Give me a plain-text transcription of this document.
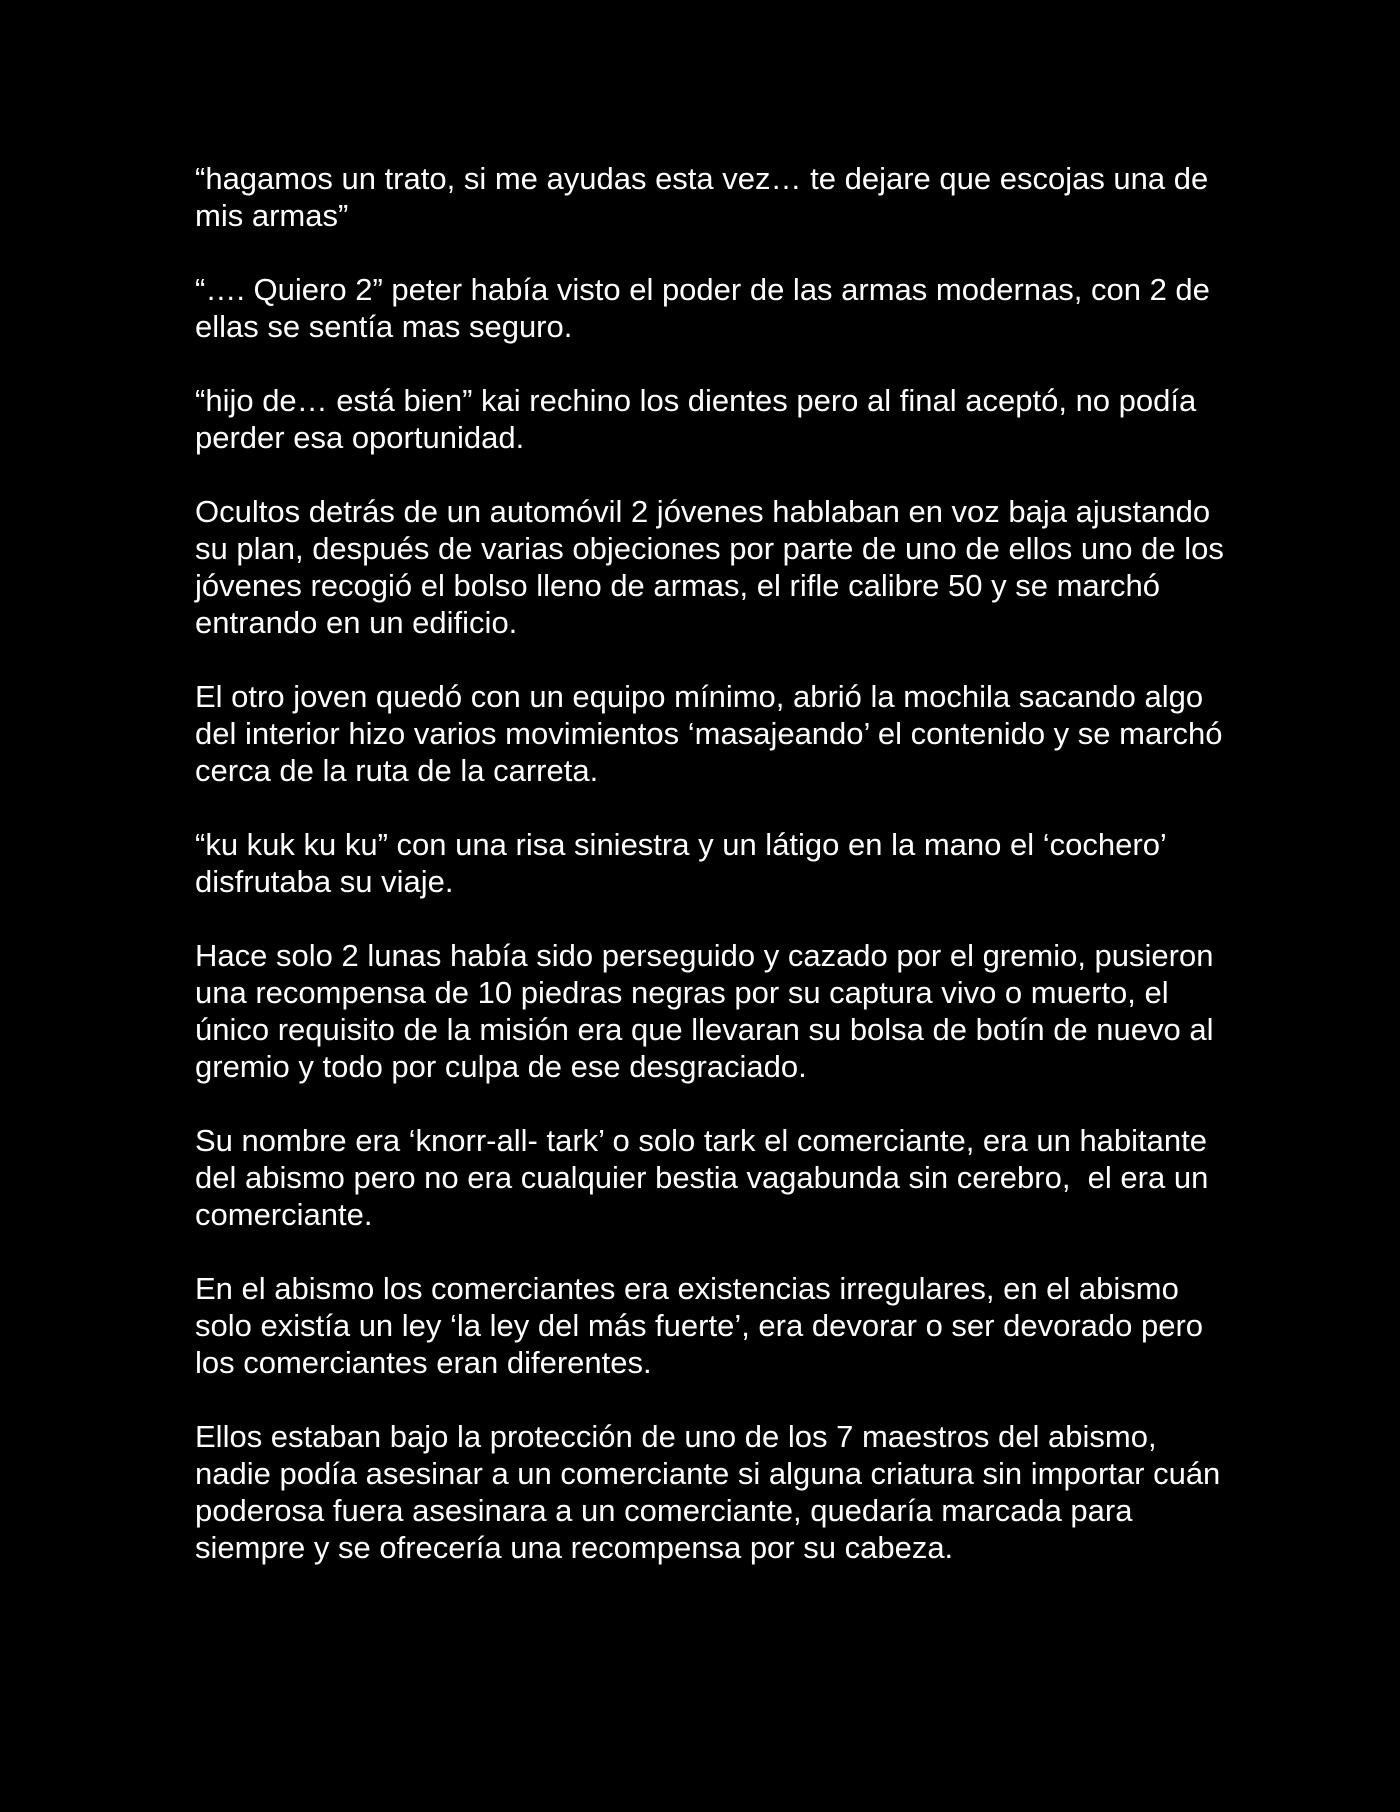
“hagamos un trato, si me ayudas esta vez… te dejare que escojas una de mis armas”

“…. Quiero 2” peter había visto el poder de las armas modernas, con 2 de ellas se sentía mas seguro.

“hijo de… está bien” kai rechino los dientes pero al final aceptó, no podía perder esa oportunidad.

Ocultos detrás de un automóvil 2 jóvenes hablaban en voz baja ajustando su plan, después de varias objeciones por parte de uno de ellos uno de los jóvenes recogió el bolso lleno de armas, el rifle calibre 50 y se marchó entrando en un edificio.

El otro joven quedó con un equipo mínimo, abrió la mochila sacando algo del interior hizo varios movimientos ‘masajeando’ el contenido y se marchó cerca de la ruta de la carreta.

“ku kuk ku ku” con una risa siniestra y un látigo en la mano el ‘cochero’ disfrutaba su viaje.

Hace solo 2 lunas había sido perseguido y cazado por el gremio, pusieron una recompensa de 10 piedras negras por su captura vivo o muerto, el único requisito de la misión era que llevaran su bolsa de botín de nuevo al gremio y todo por culpa de ese desgraciado.

Su nombre era ‘knorr-all- tark’ o solo tark el comerciante, era un habitante del abismo pero no era cualquier bestia vagabunda sin cerebro,  el era un comerciante.

En el abismo los comerciantes era existencias irregulares, en el abismo solo existía un ley ‘la ley del más fuerte’, era devorar o ser devorado pero los comerciantes eran diferentes.

Ellos estaban bajo la protección de uno de los 7 maestros del abismo, nadie podía asesinar a un comerciante si alguna criatura sin importar cuán poderosa fuera asesinara a un comerciante, quedaría marcada para siempre y se ofrecería una recompensa por su cabeza.
